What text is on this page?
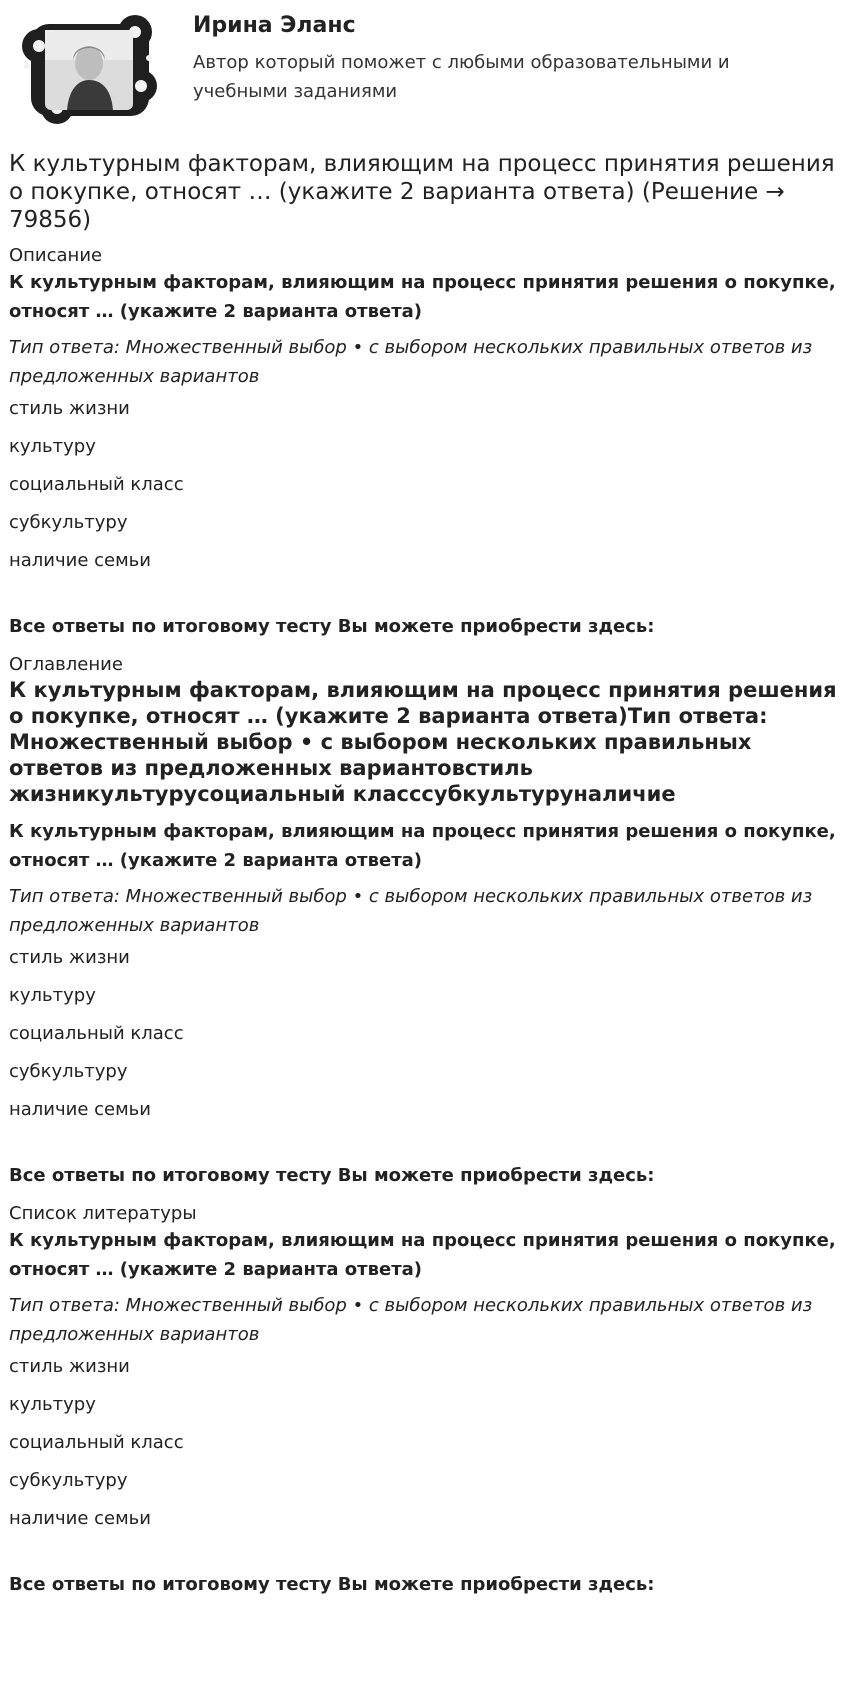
Ирина Эланс

Автор который поможет с любыми образовательными и учебными заданиями

К культурным факторам, влияющим на процесс принятия решения о покупке, относят … (укажите 2 варианта ответа) (Решение → 79856)

Описание

К культурным факторам, влияющим на процесс принятия решения о покупке, относят … (укажите 2 варианта ответа)

Тип ответа: Множественный выбор • с выбором нескольких правильных ответов из предложенных вариантов

стиль жизни
культуру
социальный класс
субкультуру
наличие семьи

Все ответы по итоговому тесту Вы можете приобрести здесь:

Оглавление

К культурным факторам, влияющим на процесс принятия решения о покупке, относят … (укажите 2 варианта ответа)Тип ответа: Множественный выбор • с выбором нескольких правильных ответов из предложенных вариантовстиль жизникультурусоциальный класссубкультуруналичие

К культурным факторам, влияющим на процесс принятия решения о покупке, относят … (укажите 2 варианта ответа)

Тип ответа: Множественный выбор • с выбором нескольких правильных ответов из предложенных вариантов

стиль жизни
культуру
социальный класс
субкультуру
наличие семьи

Все ответы по итоговому тесту Вы можете приобрести здесь:

Список литературы

К культурным факторам, влияющим на процесс принятия решения о покупке, относят … (укажите 2 варианта ответа)

Тип ответа: Множественный выбор • с выбором нескольких правильных ответов из предложенных вариантов

стиль жизни
культуру
социальный класс
субкультуру
наличие семьи

Все ответы по итоговому тесту Вы можете приобрести здесь:
